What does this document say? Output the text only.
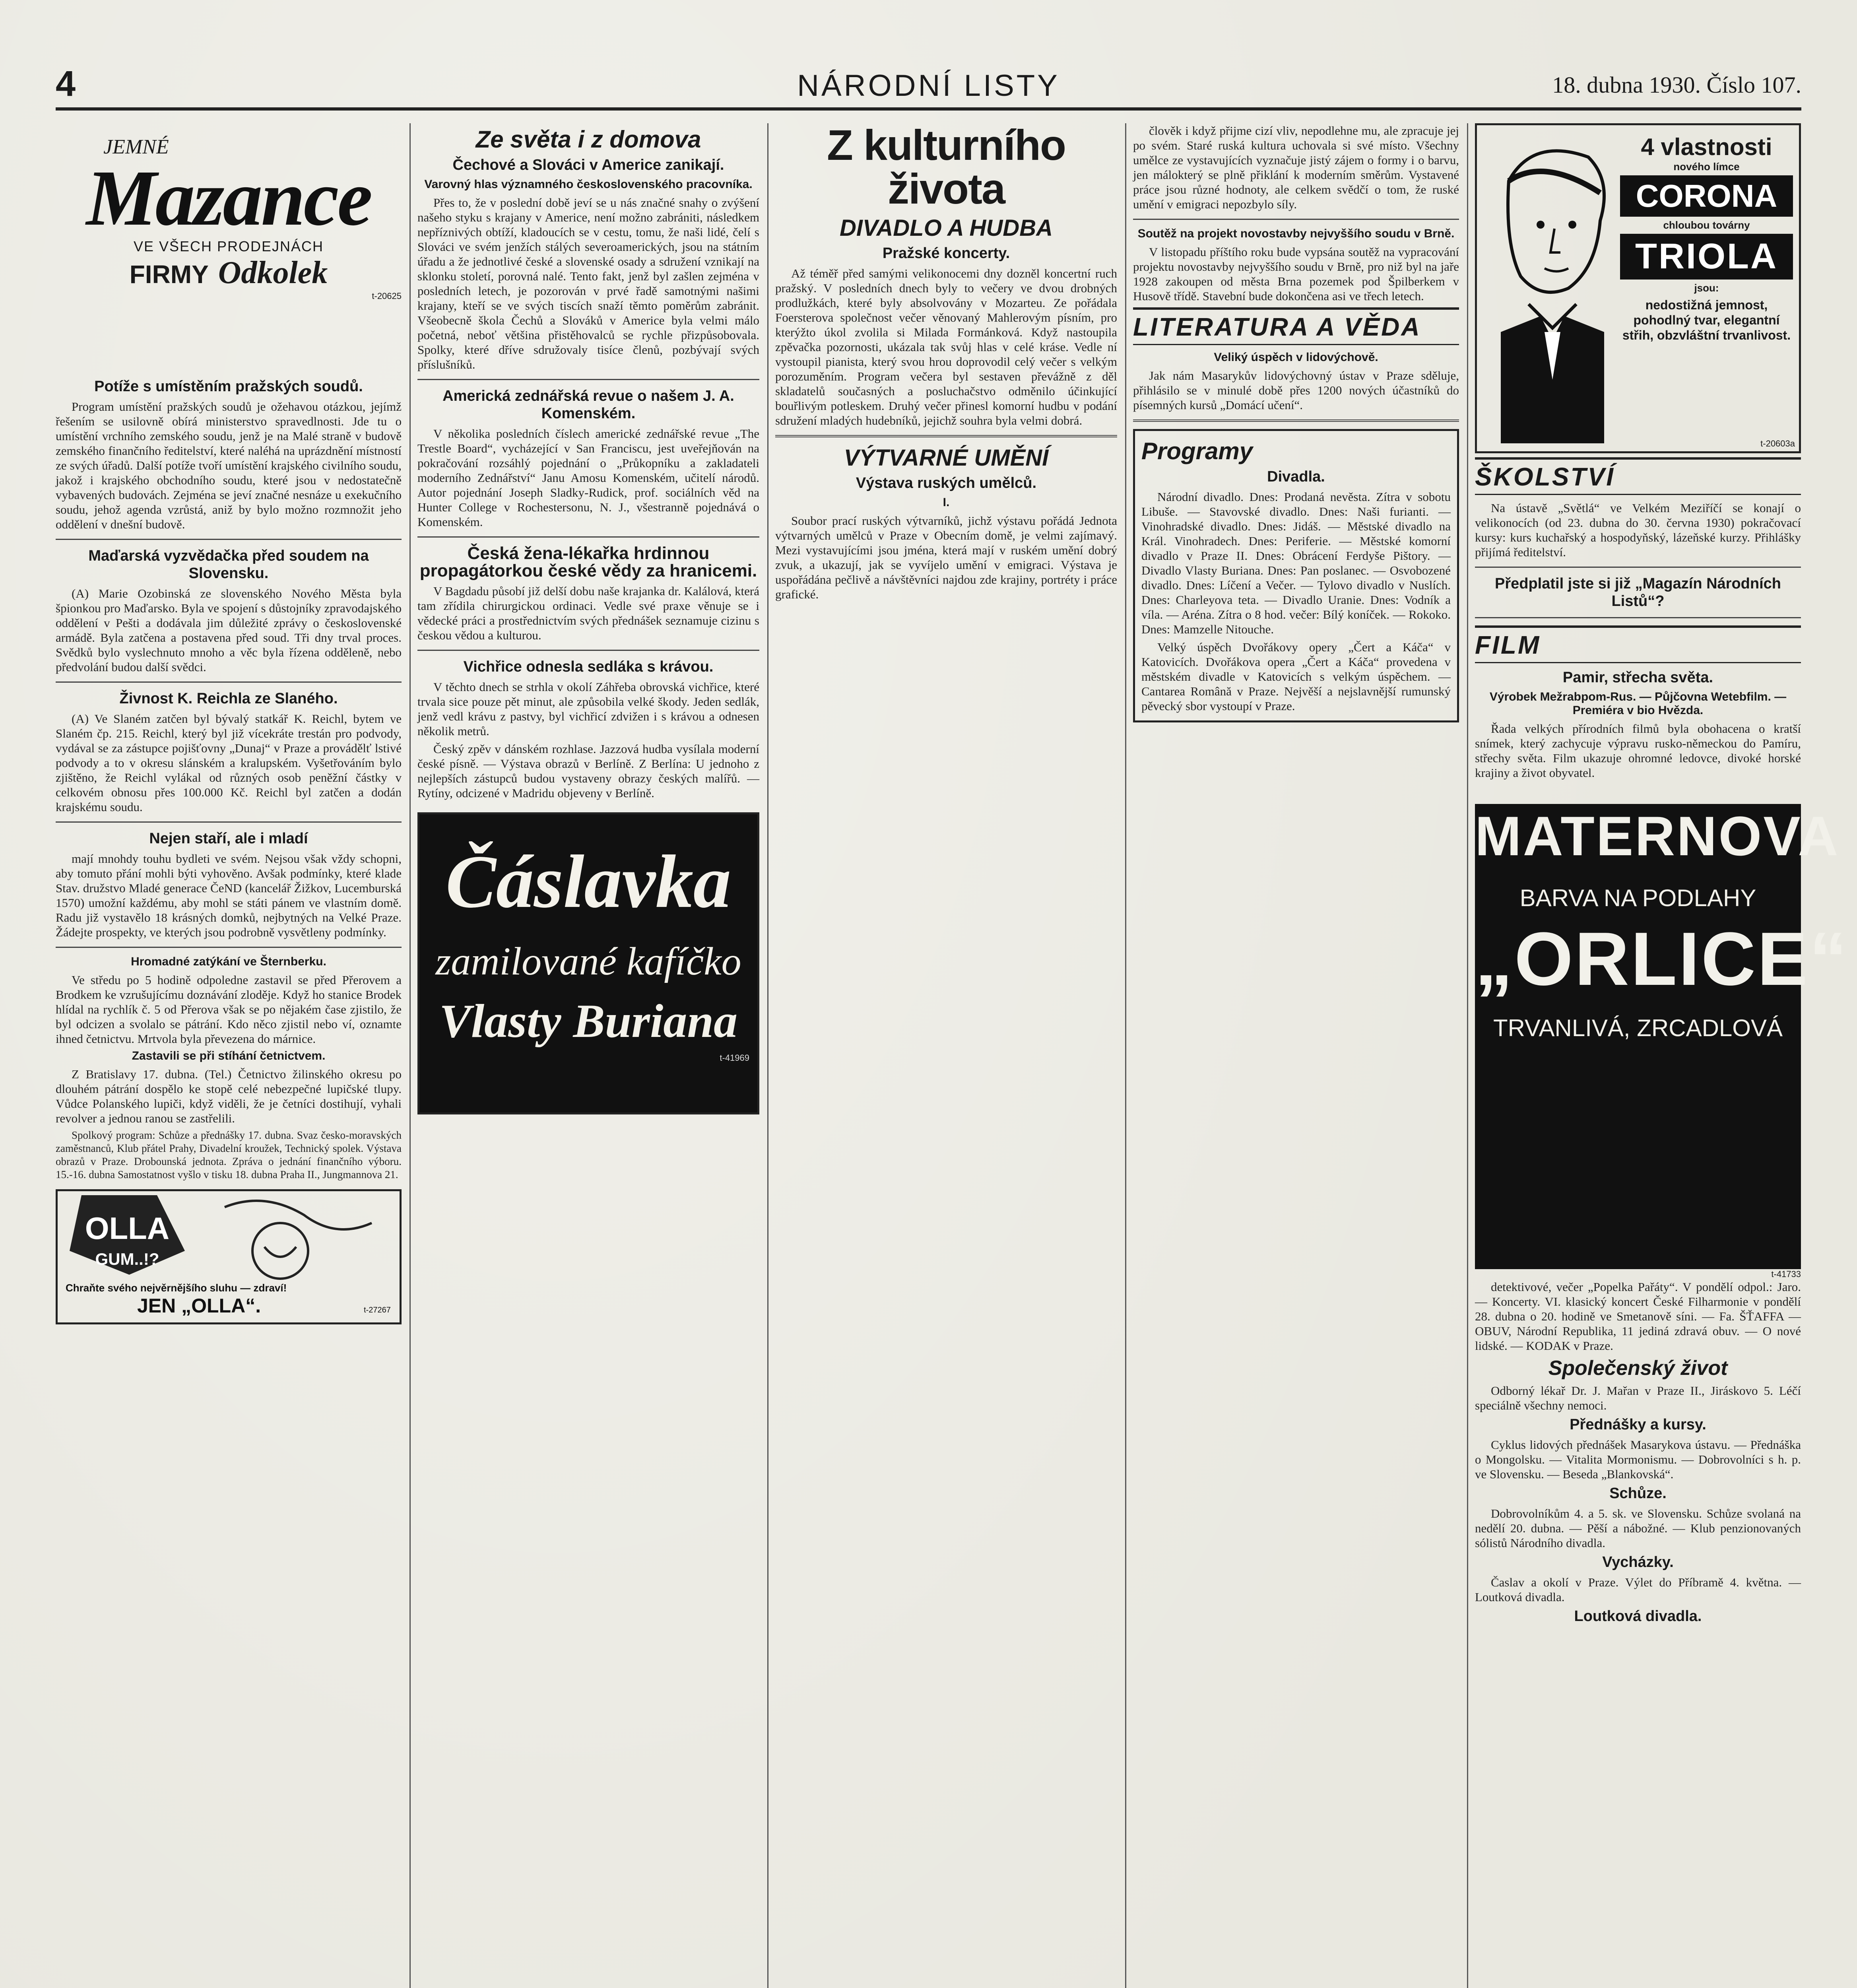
4	NÁRODNÍ LISTY	18. dubna 1930. Číslo 107.
JEMNÉ
Mazance
VE VŠECH PRODEJNÁCH
FIRMY Odkolek
t-20625
Potíže s umístěním pražských soudů.

Program umístění pražských soudů je ožehavou otázkou, jejímž řešením se usilovně obírá ministerstvo spravedlnosti. Jde tu o umístění vrchního zemského soudu, jenž je na Malé straně v budově zemského finančního ředitelství, které naléhá na uprázdnění místností ze svých úřadů. Další potíže tvoří umístění krajského civilního soudu, jakož i krajského obchodního soudu, které jsou v nedostatečně vybavených budovách. Zejména se jeví značné nesnáze u exekučního soudu, jehož agenda vzrůstá, aniž by bylo možno rozmnožit jeho oddělení v dnešní budově.

Maďarská vyzvědačka před soudem na Slovensku.

(A) Marie Ozobinská ze slovenského Nového Města byla špionkou pro Maďarsko. Byla ve spojení s důstojníky zpravodajského oddělení v Pešti a dodávala jim důležité zprávy o československé armádě. Byla zatčena a postavena před soud. Tři dny trval proces. Svědků bylo vyslechnuto mnoho a věc byla řízena odděleně, nebo předvolání budou další svědci.

Živnost K. Reichla ze Slaného.

(A) Ve Slaném zatčen byl bývalý statkář K. Reichl, bytem ve Slaném čp. 215. Reichl, který byl již vícekráte trestán pro podvody, vydával se za zástupce pojišťovny „Dunaj“ v Praze a provádělť lstivé podvody a to v okresu slánském a kralupském. Vyšetřováním bylo zjištěno, že Reichl vylákal od různých osob peněžní částky v celkovém obnosu přes 100.000 Kč. Reichl byl zatčen a dodán krajskému soudu.

Nejen staří, ale i mladí

mají mnohdy touhu bydleti ve svém. Nejsou však vždy schopni, aby tomuto přání mohli býti vyhověno. Avšak podmínky, které klade Stav. družstvo Mladé generace ČeND (kancelář Žižkov, Lucemburská 1570) umožní každému, aby mohl se státi pánem ve vlastním domě. Radu již vystavělo 18 krásných domků, nejbytných na Velké Praze. Žádejte prospekty, ve kterých jsou podrobně vysvětleny podmínky.

Hromadné zatýkání ve Šternberku.

Ve středu po 5 hodině odpoledne zastavil se před Přerovem a Brodkem ke vzrušujícímu doznávání zloděje. Když ho stanice Brodek hlídal na rychlík č. 5 od Přerova však se po nějakém čase zjistilo, že byl odcizen a svolalo se pátrání. Kdo něco zjistil nebo ví, oznamte ihned četnictvu. Mrtvola byla převezena do márnice.

Zastavili se při stíhání četnictvem.

Z Bratislavy 17. dubna. (Tel.) Četnictvo žilinského okresu po dlouhém pátrání dospělo ke stopě celé nebezpečné lupičské tlupy. Vůdce Polanského lupiči, když viděli, že je četníci dostihují, vyhali revolver a jednou ranou se zastřelili.

Spolkový program: Schůze a přednášky 17. dubna. Svaz česko-moravských zaměstnanců, Klub přátel Prahy, Divadelní kroužek, Technický spolek. Výstava obrazů v Praze. Drobounská jednota. Zpráva o jednání finančního výboru. 15.-16. dubna Samostatnost vyšlo v tisku 18. dubna Praha II., Jungmannova 21.

OLLA
GUM..!?
Chraňte svého nejvěrnějšího sluhu — zdraví!
JEN „OLLA“.	t-27267
Ze světa i z domova
Čechové a Slováci v Americe zanikají.
Varovný hlas významného československého pracovníka.

Přes to, že v poslední době jeví se u nás značné snahy o zvýšení našeho styku s krajany v Americe, není možno zabrániti, následkem nepříznivých obtíží, kladoucích se v cestu, tomu, že naši lidé, čelí s Slováci ve svém jenžích stálých severoamerických, jsou na státním úřadu a že jednotlivé české a slovenské osady a sdružení vznikají na sklonku století, porovná nalé. Tento fakt, jenž byl zašlen zejména v posledních letech, je pozorován v prvé řadě samotnými našimi krajany, kteří se ve svých tiscích snaží těmto poměrům zabránit. Všeobecně škola Čechů a Slováků v Americe byla velmi málo početná, neboť většina přistěhovalců se rychle přizpůsobovala. Spolky, které dříve sdružovaly tisíce členů, pozbývají svých příslušníků.

Americká zednářská revue o našem J. A. Komenském.

V několika posledních číslech americké zednářské revue „The Trestle Board“, vycházející v San Franciscu, jest uveřejňován na pokračování rozsáhlý pojednání o „Průkopníku a zakladateli moderního Zednářství“ Janu Amosu Komenském, učitelí národů. Autor pojednání Joseph Sladky-Rudick, prof. sociálních věd na Hunter College v Rochestersonu, N. J., všestranně pojednává o Komenském.

Česká žena-lékařka hrdinnou propagátorkou české vědy za hranicemi.

V Bagdadu působí již delší dobu naše krajanka dr. Kalálová, která tam zřídila chirurgickou ordinaci. Vedle své praxe věnuje se i vědecké práci a prostřednictvím svých přednášek seznamuje cizinu s českou vědou a kulturou.

Vichřice odnesla sedláka s krávou.

V těchto dnech se strhla v okolí Záhřeba obrovská vichřice, které trvala sice pouze pět minut, ale způsobila velké škody. Jeden sedlák, jenž vedl krávu z pastvy, byl vichřicí zdvižen i s krávou a odnesen několik metrů.

Český zpěv v dánském rozhlase. Jazzová hudba vysílala moderní české písně. — Výstava obrazů v Berlíně. Z Berlína: U jednoho z nejlepších zástupců budou vystaveny obrazy českých malířů. — Rytíny, odcizené v Madridu objeveny v Berlíně.

Čáslavka
zamilované kafíčko
Vlasty Buriana
t-41969
Z kulturního života
DIVADLO A HUDBA
Pražské koncerty.

Až téměř před samými velikonocemi dny dozněl koncertní ruch pražský. V posledních dnech byly to večery ve dvou drobných prodlužkách, které byly absolvovány v Mozarteu. Ze pořádala Foersterova společnost večer věnovaný Mahlerovým písním, pro kterýžto úkol zvolila si Milada Formánková. Když nastoupila zpěvačka pozornosti, ukázala tak svůj hlas v celé kráse. Vedle ní vystoupil pianista, který svou hrou doprovodil celý večer s velkým porozuměním. Program večera byl sestaven převážně z děl skladatelů současných a posluchačstvo odměnilo účinkující bouřlivým potleskem. Druhý večer přinesl komorní hudbu v podání sdružení mladých hudebníků, jejichž souhra byla velmi dobrá.

VÝTVARNÉ UMĚNÍ
Výstava ruských umělců.
I.

Soubor prací ruských výtvarníků, jichž výstavu pořádá Jednota výtvarných umělců v Praze v Obecním domě, je velmi zajímavý. Mezi vystavujícími jsou jména, která mají v ruském umění dobrý zvuk, a ukazují, jak se vyvíjelo umění v emigraci. Výstava je uspořádána pečlivě a návštěvníci najdou zde krajiny, portréty i práce grafické.

člověk i když přijme cizí vliv, nepodlehne mu, ale zpracuje jej po svém. Staré ruská kultura uchovala si své místo. Všechny umělce ze vystavujících vyznačuje jistý zájem o formy i o barvu, jen málokterý se plně přiklání k moderním směrům. Vystavené práce jsou různé hodnoty, ale celkem svědčí o tom, že ruské umění v emigraci nepozbylo síly.

Soutěž na projekt novostavby nejvyššího soudu v Brně.

V listopadu příštího roku bude vypsána soutěž na vypracování projektu novostavby nejvyššího soudu v Brně, pro niž byl na jaře 1928 zakoupen od města Brna pozemek pod Špilberkem v Husově třídě. Stavební bude dokončena asi ve třech letech.

LITERATURA A VĚDA
Veliký úspěch v lidovýchově.

Jak nám Masarykův lidovýchovný ústav v Praze sděluje, přihlásilo se v minulé době přes 1200 nových účastníků do písemných kursů „Domácí učení“.

Programy
Divadla.

Národní divadlo. Dnes: Prodaná nevěsta. Zítra v sobotu Libuše. — Stavovské divadlo. Dnes: Naši furianti. — Vinohradské divadlo. Dnes: Jidáš. — Městské divadlo na Král. Vinohradech. Dnes: Periferie. — Městské komorní divadlo v Praze II. Dnes: Obrácení Ferdyše Pištory. — Divadlo Vlasty Buriana. Dnes: Pan poslanec. — Osvobozené divadlo. Dnes: Líčení a Večer. — Tylovo divadlo v Nuslích. Dnes: Charleyova teta. — Divadlo Uranie. Dnes: Vodník a víla. — Aréna. Zítra o 8 hod. večer: Bílý koníček. — Rokoko. Dnes: Mamzelle Nitouche.

Velký úspěch Dvořákovy opery „Čert a Káča“ v Katovicích. Dvořákova opera „Čert a Káča“ provedena v městském divadle v Katovicích s velkým úspěchem. — Cantarea Română v Praze. Nejvěší a nejslavnější rumunský pěvecký sbor vystoupí v Praze.

4 vlastnosti
nového límce
CORONA
chloubou továrny
TRIOLA
jsou:
nedostižná jemnost, pohodlný tvar, elegantní střih, obzvláštní trvanlivost.
t-20603a
ŠKOLSTVÍ

Na ústavě „Světlá“ ve Velkém Meziříčí se konají o velikonocích (od 23. dubna do 30. června 1930) pokračovací kursy: kurs kuchařský a hospodyňský, lázeňské kurzy. Přihlášky přijímá ředitelství.

Předplatil jste si již „Magazín Národních Listů“?
FILM
Pamir, střecha světa.
Výrobek Mežrabpom-Rus. — Půjčovna Wetebfilm. — Premiéra v bio Hvězda.

Řada velkých přírodních filmů byla obohacena o kratší snímek, který zachycuje výpravu rusko-německou do Pamíru, střechy světa. Film ukazuje ohromné ledovce, divoké horské krajiny a život obyvatel.

MATERNOVA
BARVA NA PODLAHY
„ORLICE“
TRVANLIVÁ, ZRCADLOVÁ
t-41733

detektivové, večer „Popelka Pařáty“. V pondělí odpol.: Jaro. — Koncerty. VI. klasický koncert České Filharmonie v pondělí 28. dubna o 20. hodině ve Smetanově síni. — Fa. ŠŤAFFA — OBUV, Národní Republika, 11 jediná zdravá obuv. — O nové lidské. — KODAK v Praze.

Společenský život

Odborný lékař Dr. J. Mařan v Praze II., Jiráskovo 5. Léčí speciálně všechny nemoci.

Přednášky a kursy.

Cyklus lidových přednášek Masarykova ústavu. — Přednáška o Mongolsku. — Vitalita Mormonismu. — Dobrovolníci s h. p. ve Slovensku. — Beseda „Blankovská“.

Schůze.

Dobrovolníkům 4. a 5. sk. ve Slovensku. Schůze svolaná na nedělí 20. dubna. — Pěší a nábožné. — Klub penzionovaných sólistů Národního divadla.

Vycházky.

Časlav a okolí v Praze. Výlet do Příbramě 4. května. — Loutková divadla.

Loutková divadla.
